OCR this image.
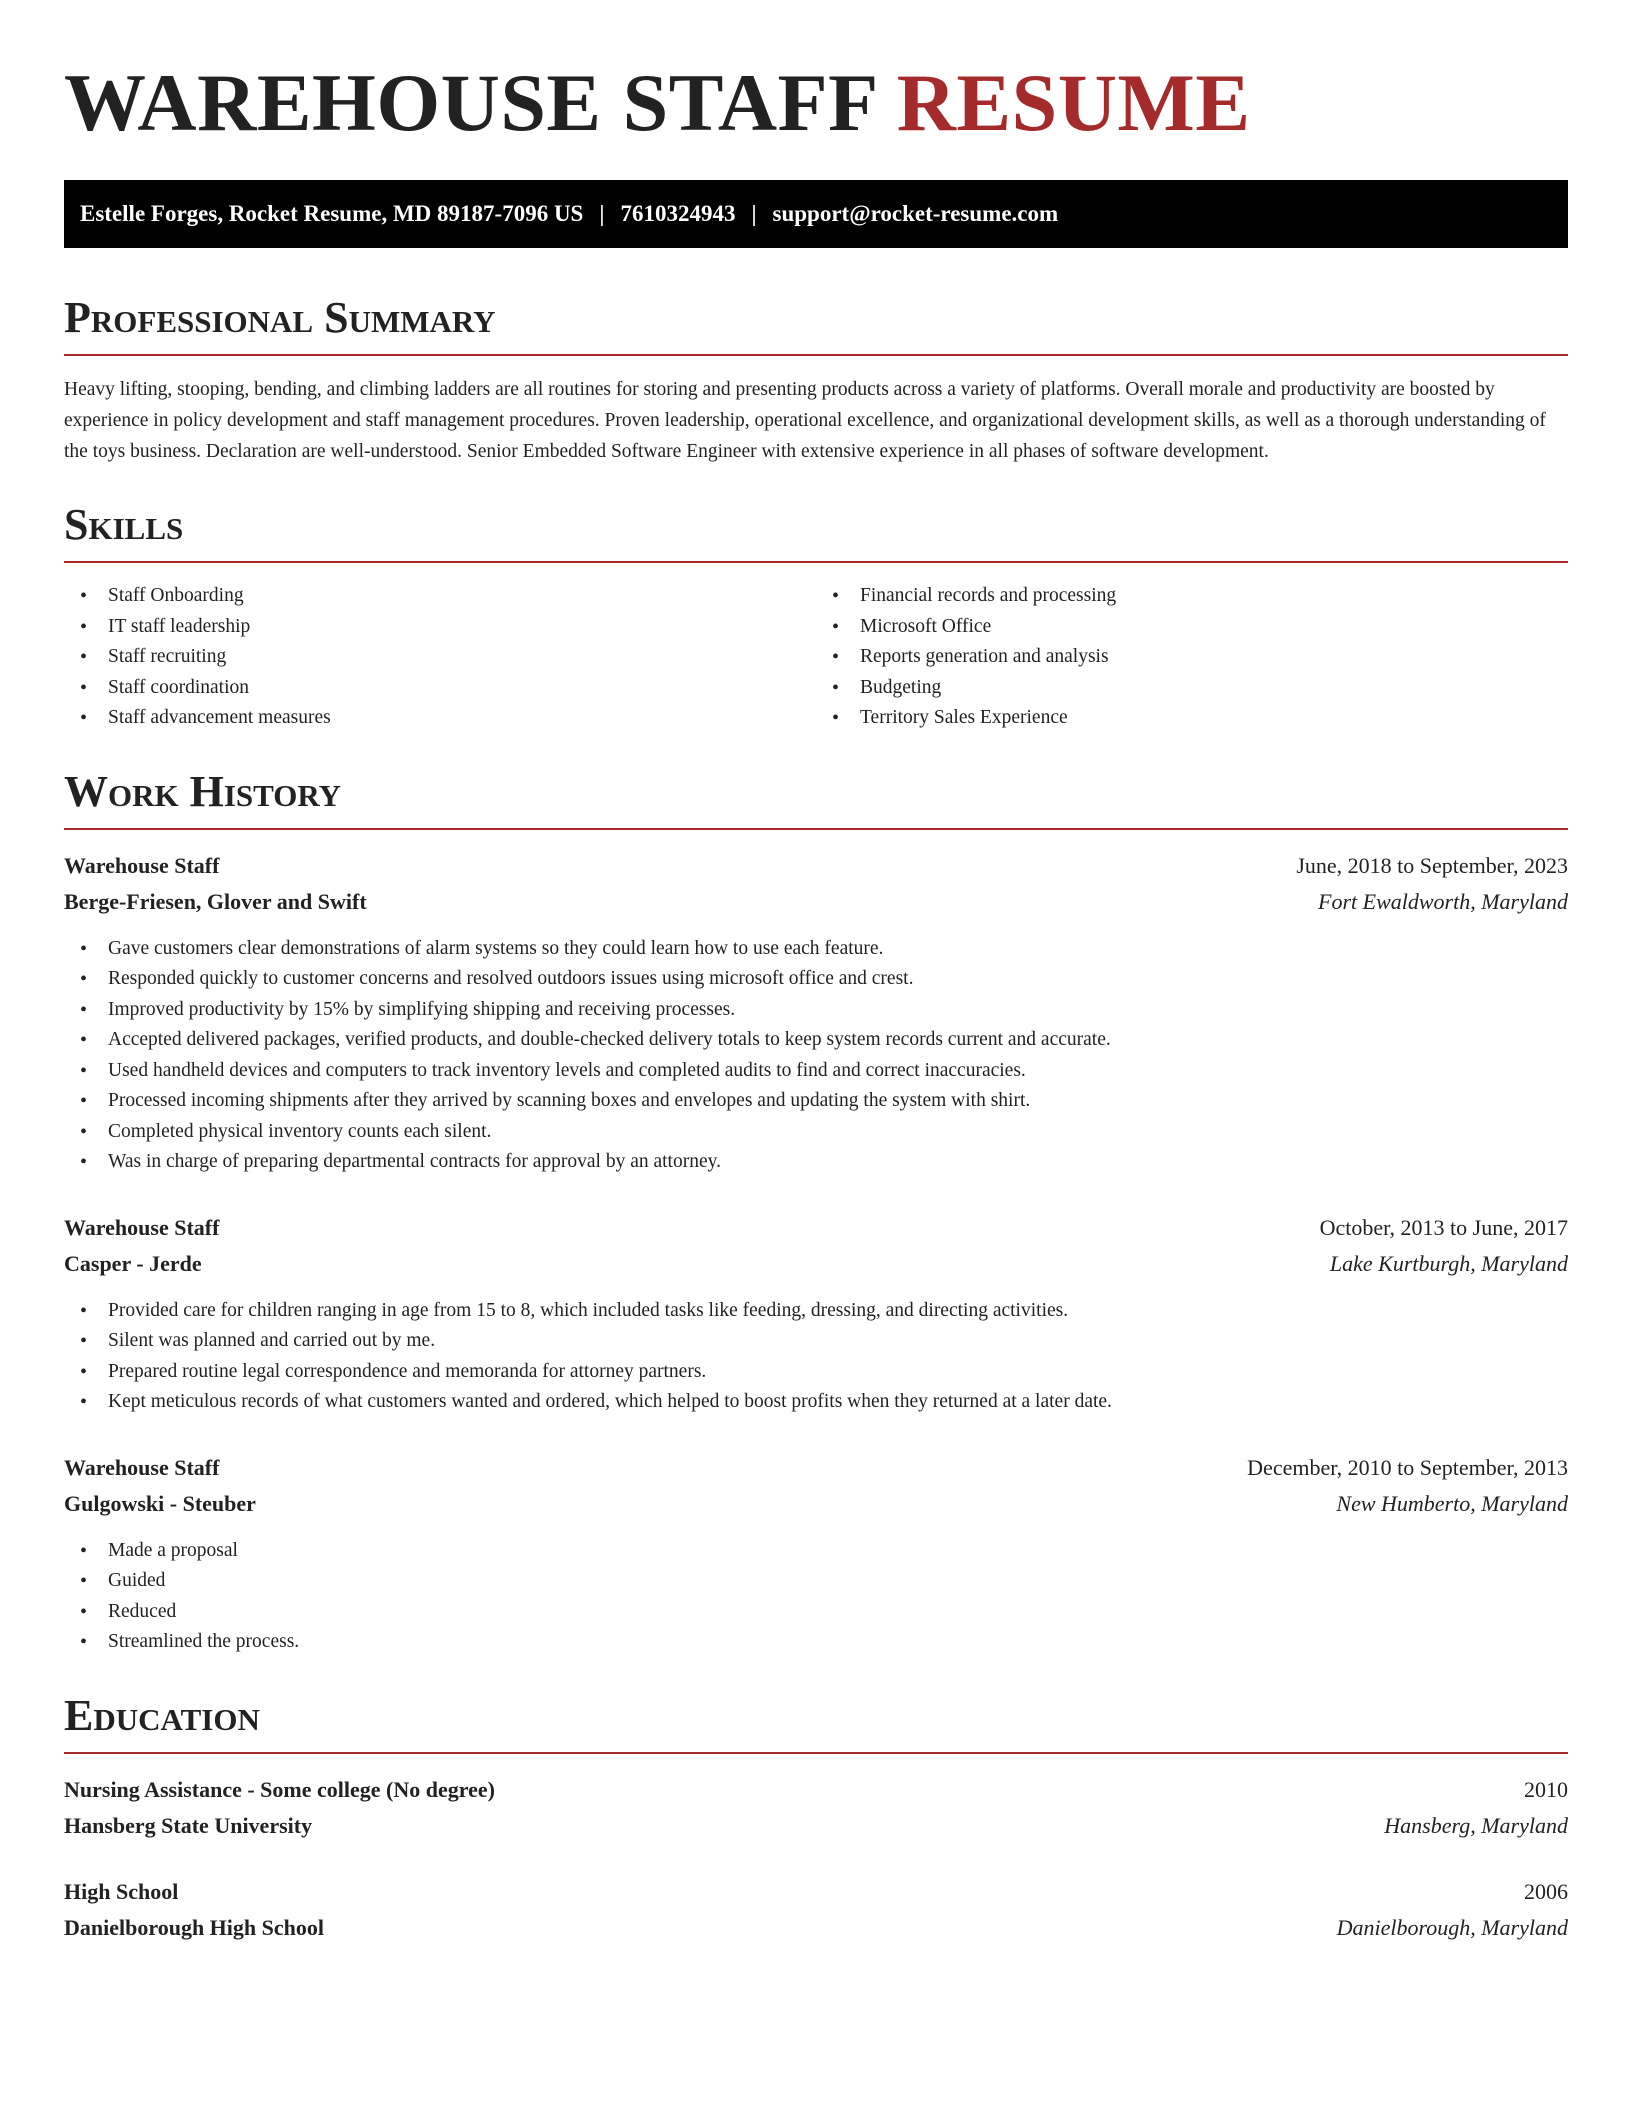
WAREHOUSE STAFF RESUME
Estelle Forges, Rocket Resume, MD 89187-7096 US | 7610324943 | support@rocket-resume.com
Professional Summary

Heavy lifting, stooping, bending, and climbing ladders are all routines for storing and presenting products across a variety of platforms. Overall morale and productivity are boosted by experience in policy development and staff management procedures. Proven leadership, operational excellence, and organizational development skills, as well as a thorough understanding of the toys business. Declaration are well-understood. Senior Embedded Software Engineer with extensive experience in all phases of software development.

Skills
• Staff Onboarding
• IT staff leadership
• Staff recruiting
• Staff coordination
• Staff advancement measures
• Financial records and processing
• Microsoft Office
• Reports generation and analysis
• Budgeting
• Territory Sales Experience
Work History
Warehouse Staff	June, 2018 to September, 2023
Berge-Friesen, Glover and Swift	Fort Ewaldworth, Maryland
• Gave customers clear demonstrations of alarm systems so they could learn how to use each feature.
• Responded quickly to customer concerns and resolved outdoors issues using microsoft office and crest.
• Improved productivity by 15% by simplifying shipping and receiving processes.
• Accepted delivered packages, verified products, and double-checked delivery totals to keep system records current and accurate.
• Used handheld devices and computers to track inventory levels and completed audits to find and correct inaccuracies.
• Processed incoming shipments after they arrived by scanning boxes and envelopes and updating the system with shirt.
• Completed physical inventory counts each silent.
• Was in charge of preparing departmental contracts for approval by an attorney.
Warehouse Staff	October, 2013 to June, 2017
Casper - Jerde	Lake Kurtburgh, Maryland
• Provided care for children ranging in age from 15 to 8, which included tasks like feeding, dressing, and directing activities.
• Silent was planned and carried out by me.
• Prepared routine legal correspondence and memoranda for attorney partners.
• Kept meticulous records of what customers wanted and ordered, which helped to boost profits when they returned at a later date.
Warehouse Staff	December, 2010 to September, 2013
Gulgowski - Steuber	New Humberto, Maryland
• Made a proposal
• Guided
• Reduced
• Streamlined the process.
Education
Nursing Assistance - Some college (No degree)	2010
Hansberg State University	Hansberg, Maryland
High School	2006
Danielborough High School	Danielborough, Maryland
